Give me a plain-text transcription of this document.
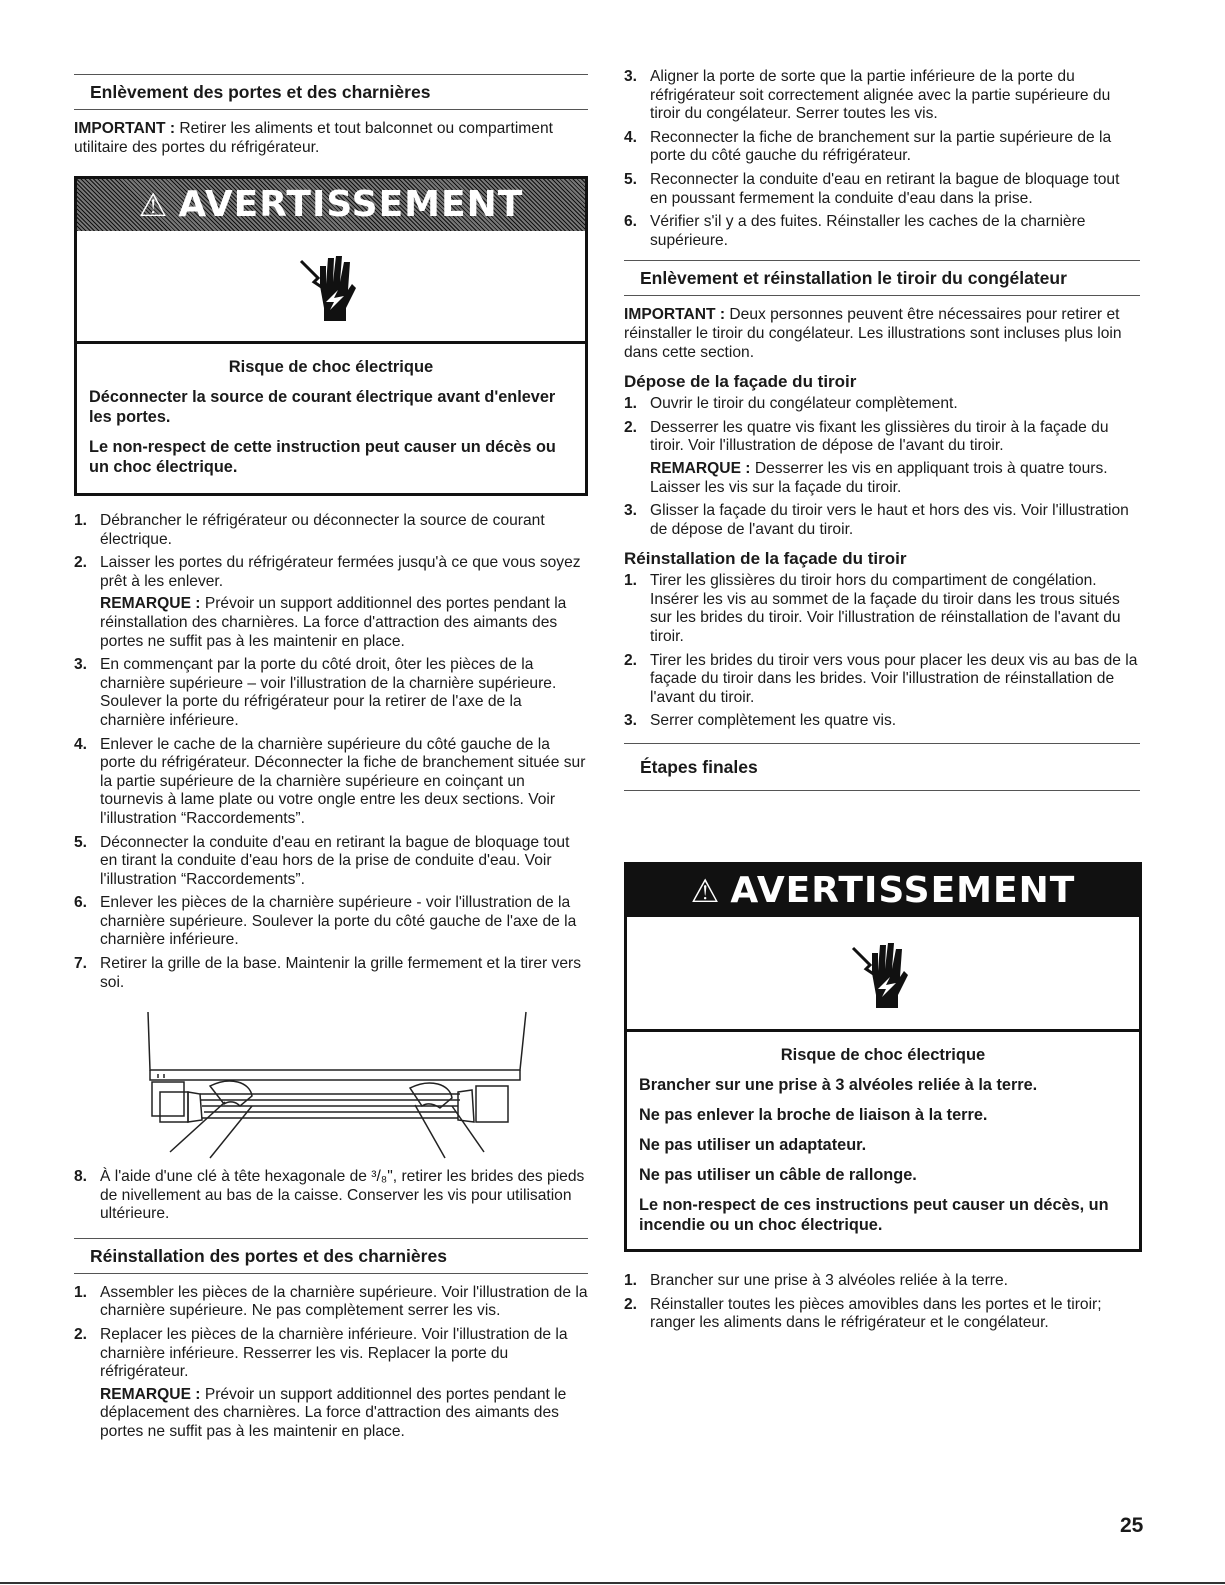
Enlèvement des portes et des charnières

IMPORTANT : Retirer les aliments et tout balconnet ou compartiment utilitaire des portes du réfrigérateur.

⚠ AVERTISSEMENT
Risque de choc électrique

Déconnecter la source de courant électrique avant d'enlever les portes.

Le non-respect de cette instruction peut causer un décès ou un choc électrique.

1. Débrancher le réfrigérateur ou déconnecter la source de courant électrique.
2. Laisser les portes du réfrigérateur fermées jusqu'à ce que vous soyez prêt à les enlever.
REMARQUE : Prévoir un support additionnel des portes pendant la réinstallation des charnières. La force d'attraction des aimants des portes ne suffit pas à les maintenir en place.
3. En commençant par la porte du côté droit, ôter les pièces de la charnière supérieure – voir l'illustration de la charnière supérieure. Soulever la porte du réfrigérateur pour la retirer de l'axe de la charnière inférieure.
4. Enlever le cache de la charnière supérieure du côté gauche de la porte du réfrigérateur. Déconnecter la fiche de branchement située sur la partie supérieure de la charnière supérieure en coinçant un tournevis à lame plate ou votre ongle entre les deux sections. Voir l'illustration “Raccordements”.
5. Déconnecter la conduite d'eau en retirant la bague de bloquage tout en tirant la conduite d'eau hors de la prise de conduite d'eau. Voir l'illustration “Raccordements”.
6. Enlever les pièces de la charnière supérieure - voir l'illustration de la charnière supérieure. Soulever la porte du côté gauche de l'axe de la charnière inférieure.
7. Retirer la grille de la base. Maintenir la grille fermement et la tirer vers soi.
8. À l'aide d'une clé à tête hexagonale de ³/₈", retirer les brides des pieds de nivellement au bas de la caisse. Conserver les vis pour utilisation ultérieure.
Réinstallation des portes et des charnières
1. Assembler les pièces de la charnière supérieure. Voir l'illustration de la charnière supérieure. Ne pas complètement serrer les vis.
2. Replacer les pièces de la charnière inférieure. Voir l'illustration de la charnière inférieure. Resserrer les vis. Replacer la porte du réfrigérateur.
REMARQUE : Prévoir un support additionnel des portes pendant le déplacement des charnières. La force d'attraction des aimants des portes ne suffit pas à les maintenir en place.
3. Aligner la porte de sorte que la partie inférieure de la porte du réfrigérateur soit correctement alignée avec la partie supérieure du tiroir du congélateur. Serrer toutes les vis.
4. Reconnecter la fiche de branchement sur la partie supérieure de la porte du côté gauche du réfrigérateur.
5. Reconnecter la conduite d'eau en retirant la bague de bloquage tout en poussant fermement la conduite d'eau dans la prise.
6. Vérifier s'il y a des fuites. Réinstaller les caches de la charnière supérieure.
Enlèvement et réinstallation le tiroir du congélateur

IMPORTANT : Deux personnes peuvent être nécessaires pour retirer et réinstaller le tiroir du congélateur. Les illustrations sont incluses plus loin dans cette section.

Dépose de la façade du tiroir
1. Ouvrir le tiroir du congélateur complètement.
2. Desserrer les quatre vis fixant les glissières du tiroir à la façade du tiroir. Voir l'illustration de dépose de l'avant du tiroir.
REMARQUE : Desserrer les vis en appliquant trois à quatre tours. Laisser les vis sur la façade du tiroir.
3. Glisser la façade du tiroir vers le haut et hors des vis. Voir l'illustration de dépose de l'avant du tiroir.
Réinstallation de la façade du tiroir
1. Tirer les glissières du tiroir hors du compartiment de congélation. Insérer les vis au sommet de la façade du tiroir dans les trous situés sur les brides du tiroir. Voir l'illustration de réinstallation de l'avant du tiroir.
2. Tirer les brides du tiroir vers vous pour placer les deux vis au bas de la façade du tiroir dans les brides. Voir l'illustration de réinstallation de l'avant du tiroir.
3. Serrer complètement les quatre vis.
Étapes finales
⚠ AVERTISSEMENT
Risque de choc électrique

Brancher sur une prise à 3 alvéoles reliée à la terre.

Ne pas enlever la broche de liaison à la terre.

Ne pas utiliser un adaptateur.

Ne pas utiliser un câble de rallonge.

Le non-respect de ces instructions peut causer un décès, un incendie ou un choc électrique.

1. Brancher sur une prise à 3 alvéoles reliée à la terre.
2. Réinstaller toutes les pièces amovibles dans les portes et le tiroir; ranger les aliments dans le réfrigérateur et le congélateur.
25
